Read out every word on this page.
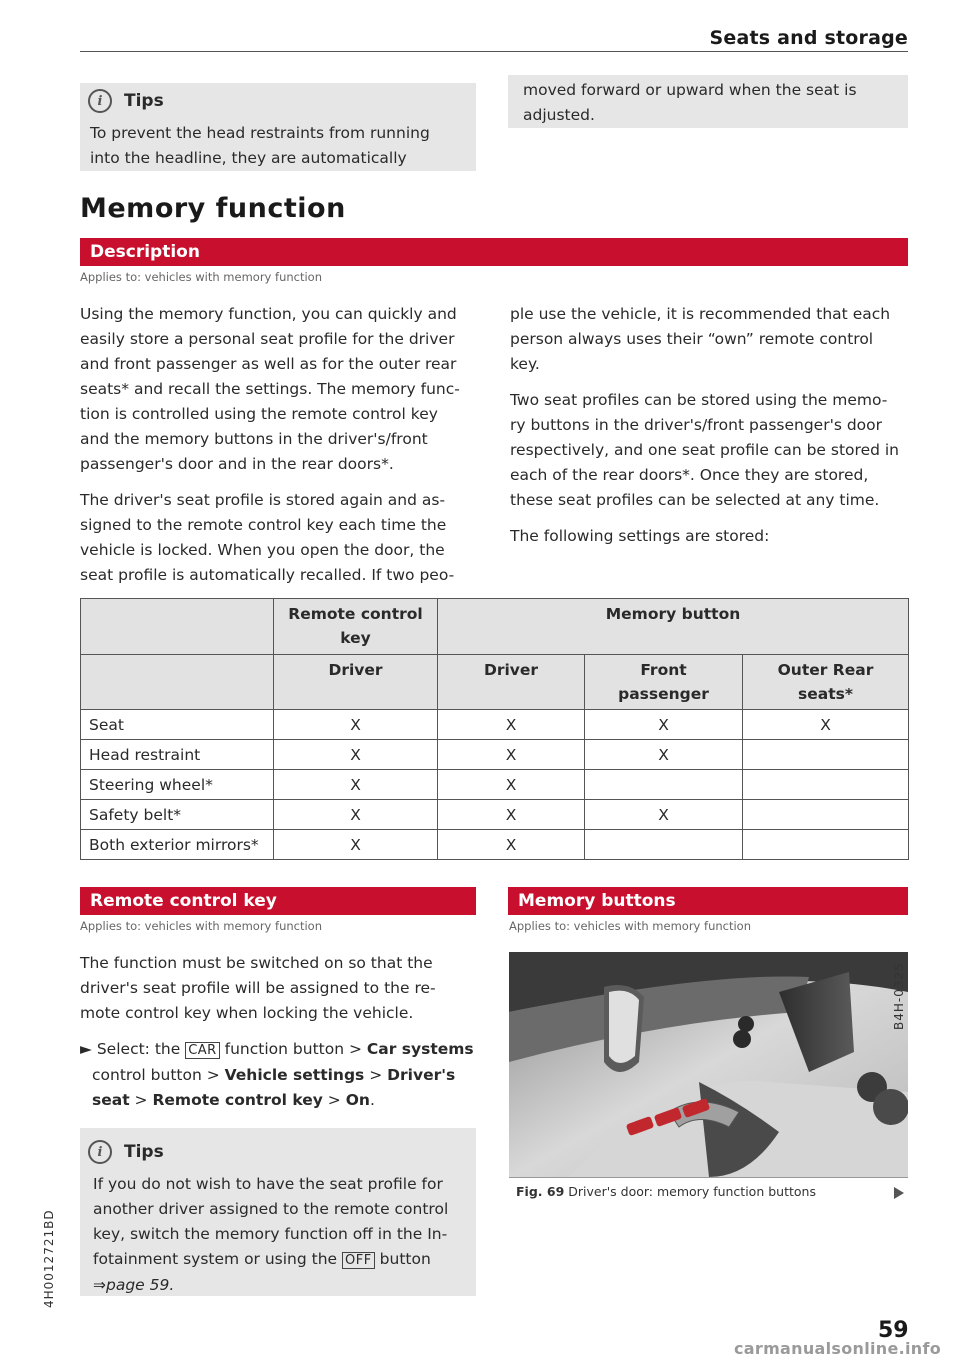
Seats and storage
i	Tips
To prevent the head restraints from running
into the headline, they are automatically
moved forward or upward when the seat is
adjusted.
Memory function
Description
Applies to: vehicles with memory function

Using the memory function, you can quickly and

easily store a personal seat profile for the driver

and front passenger as well as for the outer rear

seats* and recall the settings. The memory func-

tion is controlled using the remote control key

and the memory buttons in the driver's/front

passenger's door and in the rear doors*.

The driver's seat profile is stored again and as-

signed to the remote control key each time the

vehicle is locked. When you open the door, the

seat profile is automatically recalled. If two peo-

ple use the vehicle, it is recommended that each

person always uses their “own” remote control

key.

Two seat profiles can be stored using the memo-

ry buttons in the driver's/front passenger's door

respectively, and one seat profile can be stored in

each of the rear doors*. Once they are stored,

these seat profiles can be selected at any time.

The following settings are stored:

	Remote control key	Memory button		
	Driver	Driver	Front passenger	Outer Rear seats*
Seat	X	X	X	X
Head restraint	X	X	X	
Steering wheel*	X	X		
Safety belt*	X	X	X	
Both exterior mirrors*	X	X		
Remote control key
Applies to: vehicles with memory function

The function must be switched on so that the

driver's seat profile will be assigned to the re-

mote control key when locking the vehicle.

► Select: the CAR function button > Car systems

control button > Vehicle settings > Driver's

seat > Remote control key > On.

i	Tips

If you do not wish to have the seat profile for

another driver assigned to the remote control

key, switch the memory function off in the In-

fotainment system or using the OFF button

⇒page 59.

Memory buttons
Applies to: vehicles with memory function
B4H-0325
Fig. 69 Driver's door: memory function buttons
4H0012721BD
59
carmanualsonline.info
